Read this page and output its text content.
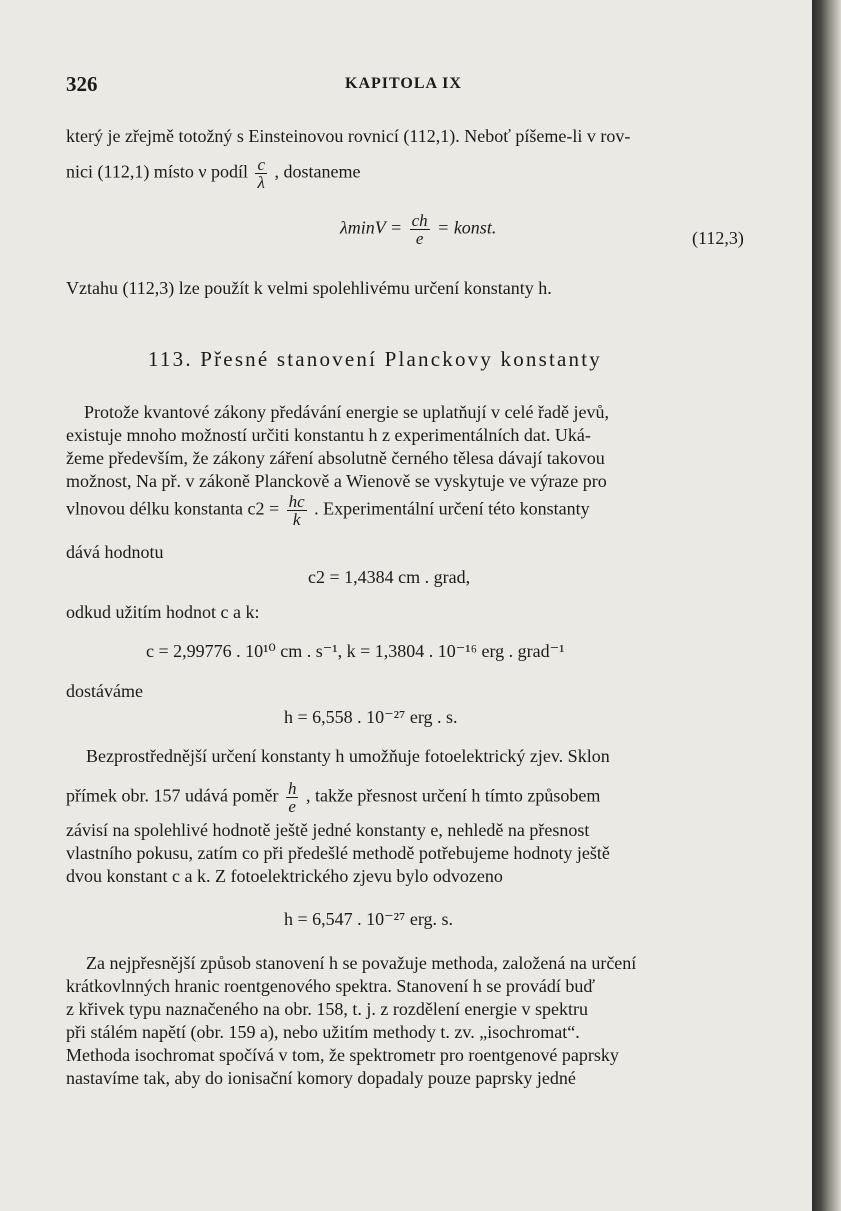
326	KAPITOLA IX
který je zřejmě totožný s Einsteinovou rovnicí (112,1). Neboť píšeme-li v rov-
nici (112,1) místo ν podíl $\frac{c}{\lambda}$ , dostaneme
$\lambda\min V = \frac{ch}{e}$ = konst.
(112,3)
Vztahu (112,3) lze použít k velmi spolehlivému určení konstanty h.
113. Přesné stanovení Planckovy konstanty
Protože kvantové zákony předávání energie se uplatňují v celé řadě jevů,
existuje mnoho možností určiti konstantu h z experimentálních dat. Uká-
žeme především, že zákony záření absolutně černého tělesa dávají takovou
možnost, Na př. v zákoně Planckově a Wienově se vyskytuje ve výraze pro
vlnovou délku konstanta $c2 = \frac{hc}{k}$ . Experimentální určení této konstanty
dává hodnotu
c2 = 1,4384 cm . grad,
odkud užitím hodnot c a k:
c = 2,99776 . 10¹⁰ cm . s⁻¹, k = 1,3804 . 10⁻¹⁶ erg . grad⁻¹
dostáváme
h = 6,558 . 10⁻²⁷ erg . s.
Bezprostřednější určení konstanty h umožňuje fotoelektrický zjev. Sklon
přímek obr. 157 udává poměr $\frac{h}{e}$ , takže přesnost určení h tímto způsobem
závisí na spolehlivé hodnotě ještě jedné konstanty e, nehledě na přesnost
vlastního pokusu, zatím co při předešlé methodě potřebujeme hodnoty ještě
dvou konstant c a k. Z fotoelektrického zjevu bylo odvozeno
h = 6,547 . 10⁻²⁷ erg. s.
Za nejpřesnější způsob stanovení h se považuje methoda, založená na určení
krátkovlnných hranic roentgenového spektra. Stanovení h se provádí buď
z křivek typu naznačeného na obr. 158, t. j. z rozdělení energie v spektru
při stálém napětí (obr. 159 a), nebo užitím methody t. zv. „isochromat“.
Methoda isochromat spočívá v tom, že spektrometr pro roentgenové paprsky
nastavíme tak, aby do ionisační komory dopadaly pouze paprsky jedné
